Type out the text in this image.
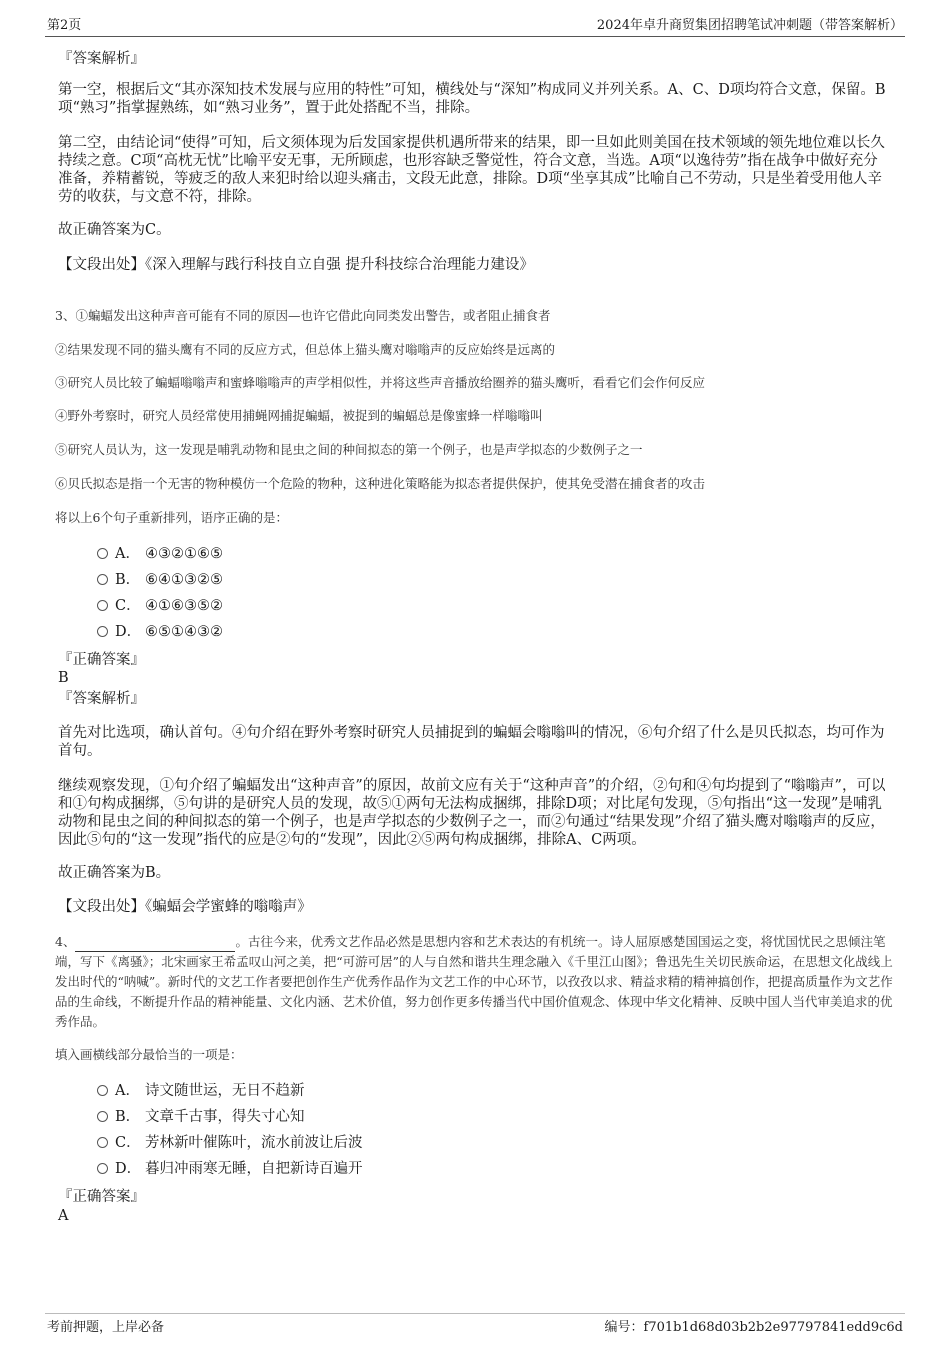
第2页	2024年卓升商贸集团招聘笔试冲刺题（带答案解析）

『答案解析』

第一空，根据后文“其亦深知技术发展与应用的特性”可知，横线处与“深知”构成同义并列关系。A、C、D项均符合文意，保留。B项“熟习”指掌握熟练，如“熟习业务”，置于此处搭配不当，排除。

第二空，由结论词“使得”可知，后文须体现为后发国家提供机遇所带来的结果，即一旦如此则美国在技术领域的领先地位难以长久持续之意。C项“高枕无忧”比喻平安无事，无所顾虑，也形容缺乏警觉性，符合文意，当选。A项“以逸待劳”指在战争中做好充分准备，养精蓄锐，等疲乏的敌人来犯时给以迎头痛击，文段无此意，排除。D项“坐享其成”比喻自己不劳动，只是坐着受用他人辛劳的收获，与文意不符，排除。

故正确答案为C。

【文段出处】《深入理解与践行科技自立自强 提升科技综合治理能力建设》

3、①蝙蝠发出这种声音可能有不同的原因—也许它借此向同类发出警告，或者阻止捕食者

②结果发现不同的猫头鹰有不同的反应方式，但总体上猫头鹰对嗡嗡声的反应始终是远离的

③研究人员比较了蝙蝠嗡嗡声和蜜蜂嗡嗡声的声学相似性，并将这些声音播放给圈养的猫头鹰听，看看它们会作何反应

④野外考察时，研究人员经常使用捕蝇网捕捉蝙蝠，被捉到的蝙蝠总是像蜜蜂一样嗡嗡叫

⑤研究人员认为，这一发现是哺乳动物和昆虫之间的种间拟态的第一个例子，也是声学拟态的少数例子之一

⑥贝氏拟态是指一个无害的物种模仿一个危险的物种，这种进化策略能为拟态者提供保护，使其免受潜在捕食者的攻击

将以上6个句子重新排列，语序正确的是：

A． ④③②①⑥⑤
B． ⑥④①③②⑤
C． ④①⑥③⑤②
D． ⑥⑤①④③②

『正确答案』

B

『答案解析』

首先对比选项，确认首句。④句介绍在野外考察时研究人员捕捉到的蝙蝠会嗡嗡叫的情况，⑥句介绍了什么是贝氏拟态，均可作为首句。

继续观察发现，①句介绍了蝙蝠发出“这种声音”的原因，故前文应有关于“这种声音”的介绍，②句和④句均提到了“嗡嗡声”，可以和①句构成捆绑，⑤句讲的是研究人员的发现，故⑤①两句无法构成捆绑，排除D项；对比尾句发现，⑤句指出“这一发现”是哺乳动物和昆虫之间的种间拟态的第一个例子，也是声学拟态的少数例子之一，而②句通过“结果发现”介绍了猫头鹰对嗡嗡声的反应，因此⑤句的“这一发现”指代的应是②句的“发现”，因此②⑤两句构成捆绑，排除A、C两项。

故正确答案为B。

【文段出处】《蝙蝠会学蜜蜂的嗡嗡声》

4、	。古往今来，优秀文艺作品必然是思想内容和艺术表达的有机统一。诗人屈原感楚国国运之变，将忧国忧民之思倾注笔端，写下《离骚》；北宋画家王希孟叹山河之美，把“可游可居”的人与自然和谐共生理念融入《千里江山图》；鲁迅先生关切民族命运，在思想文化战线上发出时代的“呐喊”。新时代的文艺工作者要把创作生产优秀作品作为文艺工作的中心环节，以孜孜以求、精益求精的精神搞创作，把提高质量作为文艺作品的生命线，不断提升作品的精神能量、文化内涵、艺术价值，努力创作更多传播当代中国价值观念、体现中华文化精神、反映中国人当代审美追求的优秀作品。

填入画横线部分最恰当的一项是：

A． 诗文随世运，无日不趋新
B． 文章千古事，得失寸心知
C． 芳林新叶催陈叶，流水前波让后波
D． 暮归冲雨寒无睡，自把新诗百遍开

『正确答案』

A

考前押题，上岸必备	编号：f701b1d68d03b2b2e97797841edd9c6d
